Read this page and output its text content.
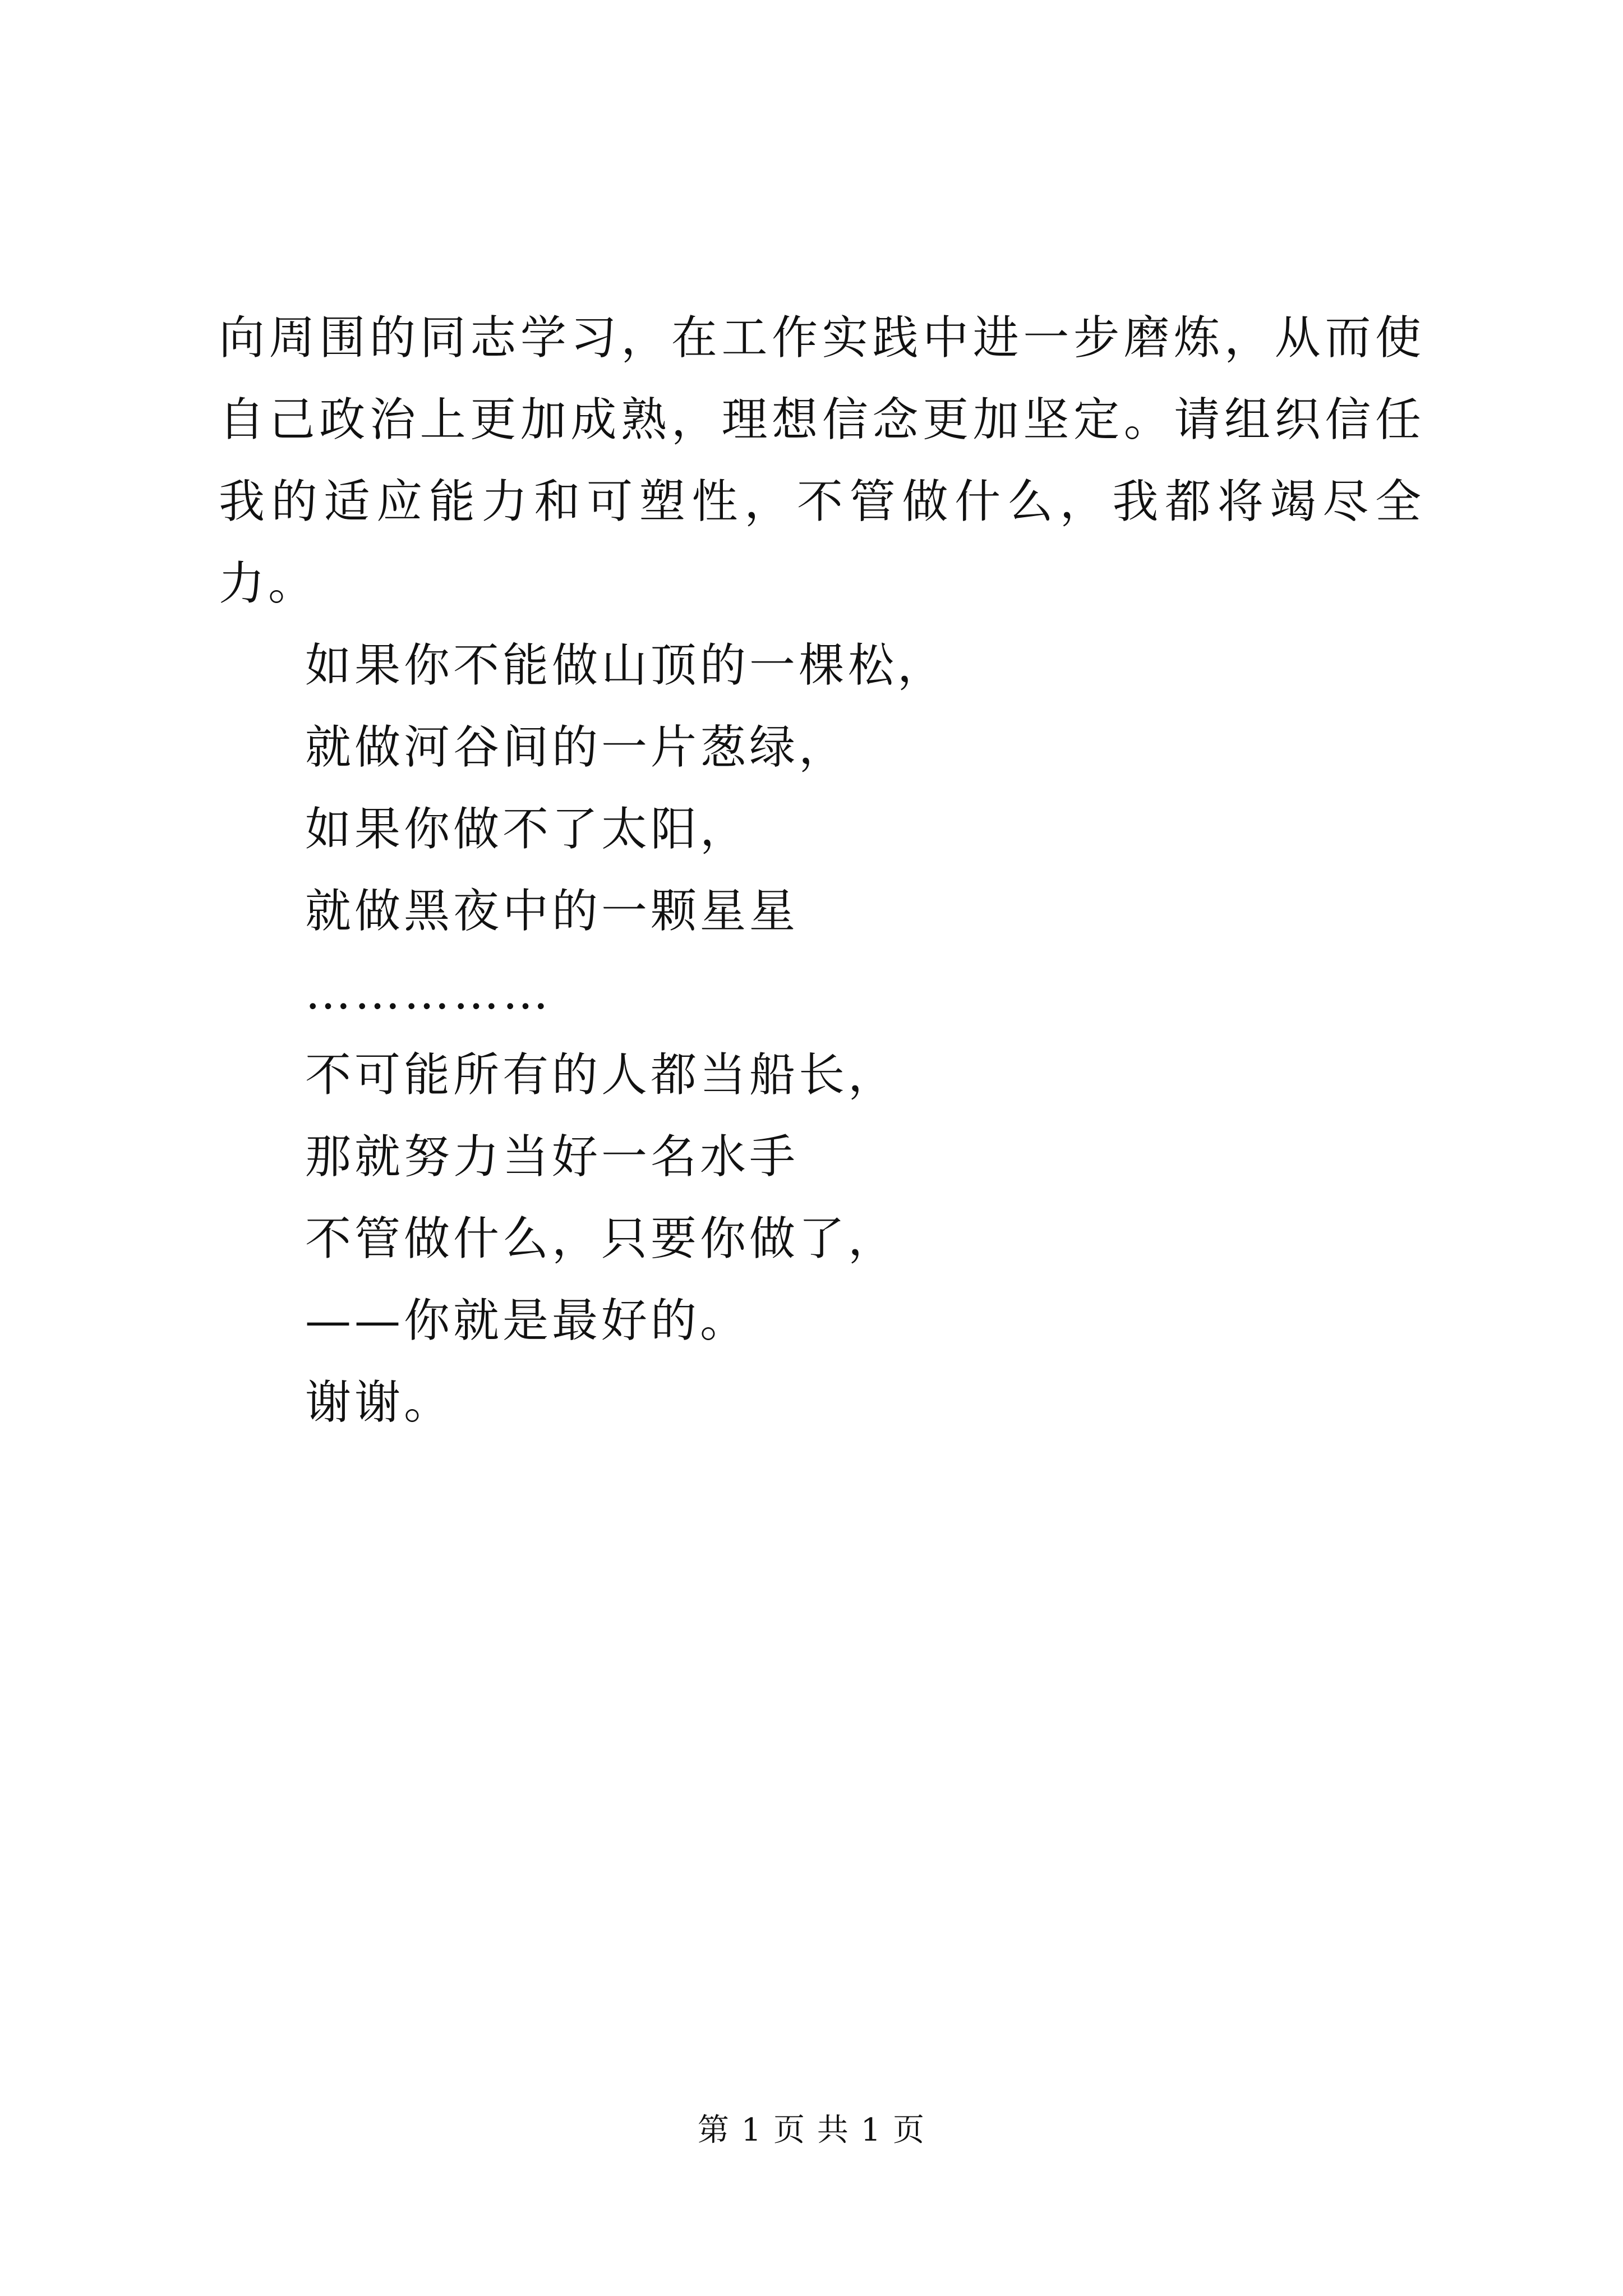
向周围的同志学习，在工作实践中进一步磨炼，从而使自己政治上更加成熟，理想信念更加坚定。请组织信任我的适应能力和可塑性，不管做什么，我都将竭尽全力。

如果你不能做山顶的一棵松，

就做河谷间的一片葱绿，

如果你做不了太阳，

就做黑夜中的一颗星星

……………

不可能所有的人都当船长，

那就努力当好一名水手

不管做什么，只要你做了，

——你就是最好的。

谢谢。

第 1 页 共 1 页
